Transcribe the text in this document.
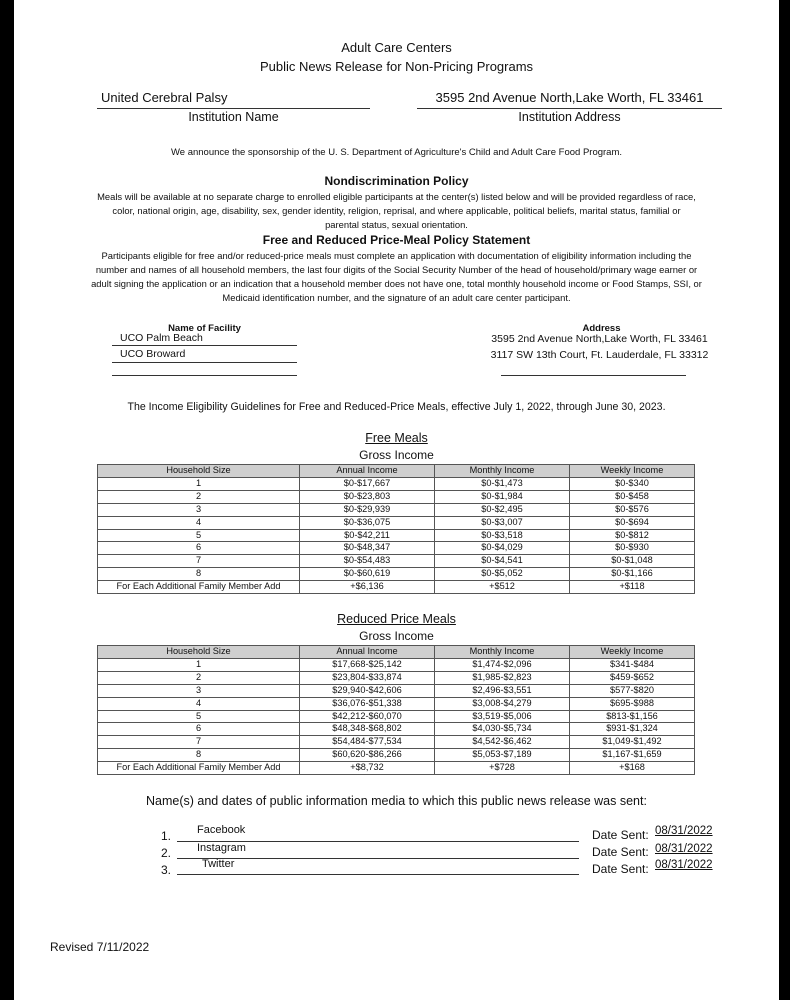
Adult Care Centers
Public News Release for Non-Pricing Programs
United Cerebral Palsy
Institution Name
3595 2nd Avenue North,Lake Worth, FL 33461
Institution Address
We announce the sponsorship of the U. S. Department of Agriculture's Child and Adult Care Food Program.
Nondiscrimination Policy
Meals will be available at no separate charge to enrolled eligible participants at the center(s) listed below and will be provided regardless of race,
color, national origin, age, disability, sex, gender identity, religion, reprisal, and where applicable, political beliefs, marital status, familial or
parental status, sexual orientation.
Free and Reduced Price-Meal Policy Statement
Participants eligible for free and/or reduced-price meals must complete an application with documentation of eligibility information including the
number and names of all household members, the last four digits of the Social Security Number of the head of household/primary wage earner or
adult signing the application or an indication that a household member does not have one, total monthly household income or Food Stamps, SSI, or
Medicaid identification number, and the signature of an adult care center participant.
Name of Facility	Address
UCO Palm Beach	3595 2nd Avenue North,Lake Worth, FL 33461
UCO Broward	3117 SW 13th Court, Ft. Lauderdale, FL 33312
The Income Eligibility Guidelines for Free and Reduced-Price Meals, effective July 1, 2022, through June 30, 2023.
Free Meals
Gross Income
Household Size	Annual Income	Monthly Income	Weekly Income
1	$0-$17,667	$0-$1,473	$0-$340
2	$0-$23,803	$0-$1,984	$0-$458
3	$0-$29,939	$0-$2,495	$0-$576
4	$0-$36,075	$0-$3,007	$0-$694
5	$0-$42,211	$0-$3,518	$0-$812
6	$0-$48,347	$0-$4,029	$0-$930
7	$0-$54,483	$0-$4,541	$0-$1,048
8	$0-$60,619	$0-$5,052	$0-$1,166
For Each Additional Family Member Add	+$6,136	+$512	+$118
Reduced Price Meals
Gross Income
Household Size	Annual Income	Monthly Income	Weekly Income
1	$17,668-$25,142	$1,474-$2,096	$341-$484
2	$23,804-$33,874	$1,985-$2,823	$459-$652
3	$29,940-$42,606	$2,496-$3,551	$577-$820
4	$36,076-$51,338	$3,008-$4,279	$695-$988
5	$42,212-$60,070	$3,519-$5,006	$813-$1,156
6	$48,348-$68,802	$4,030-$5,734	$931-$1,324
7	$54,484-$77,534	$4,542-$6,462	$1,049-$1,492
8	$60,620-$86,266	$5,053-$7,189	$1,167-$1,659
For Each Additional Family Member Add	+$8,732	+$728	+$168
Name(s) and dates of public information media to which this public news release was sent:
1. Facebook	Date Sent: 08/31/2022
2. Instagram	Date Sent: 08/31/2022
3.	Twitter	Date Sent: 08/31/2022
Revised 7/11/2022
